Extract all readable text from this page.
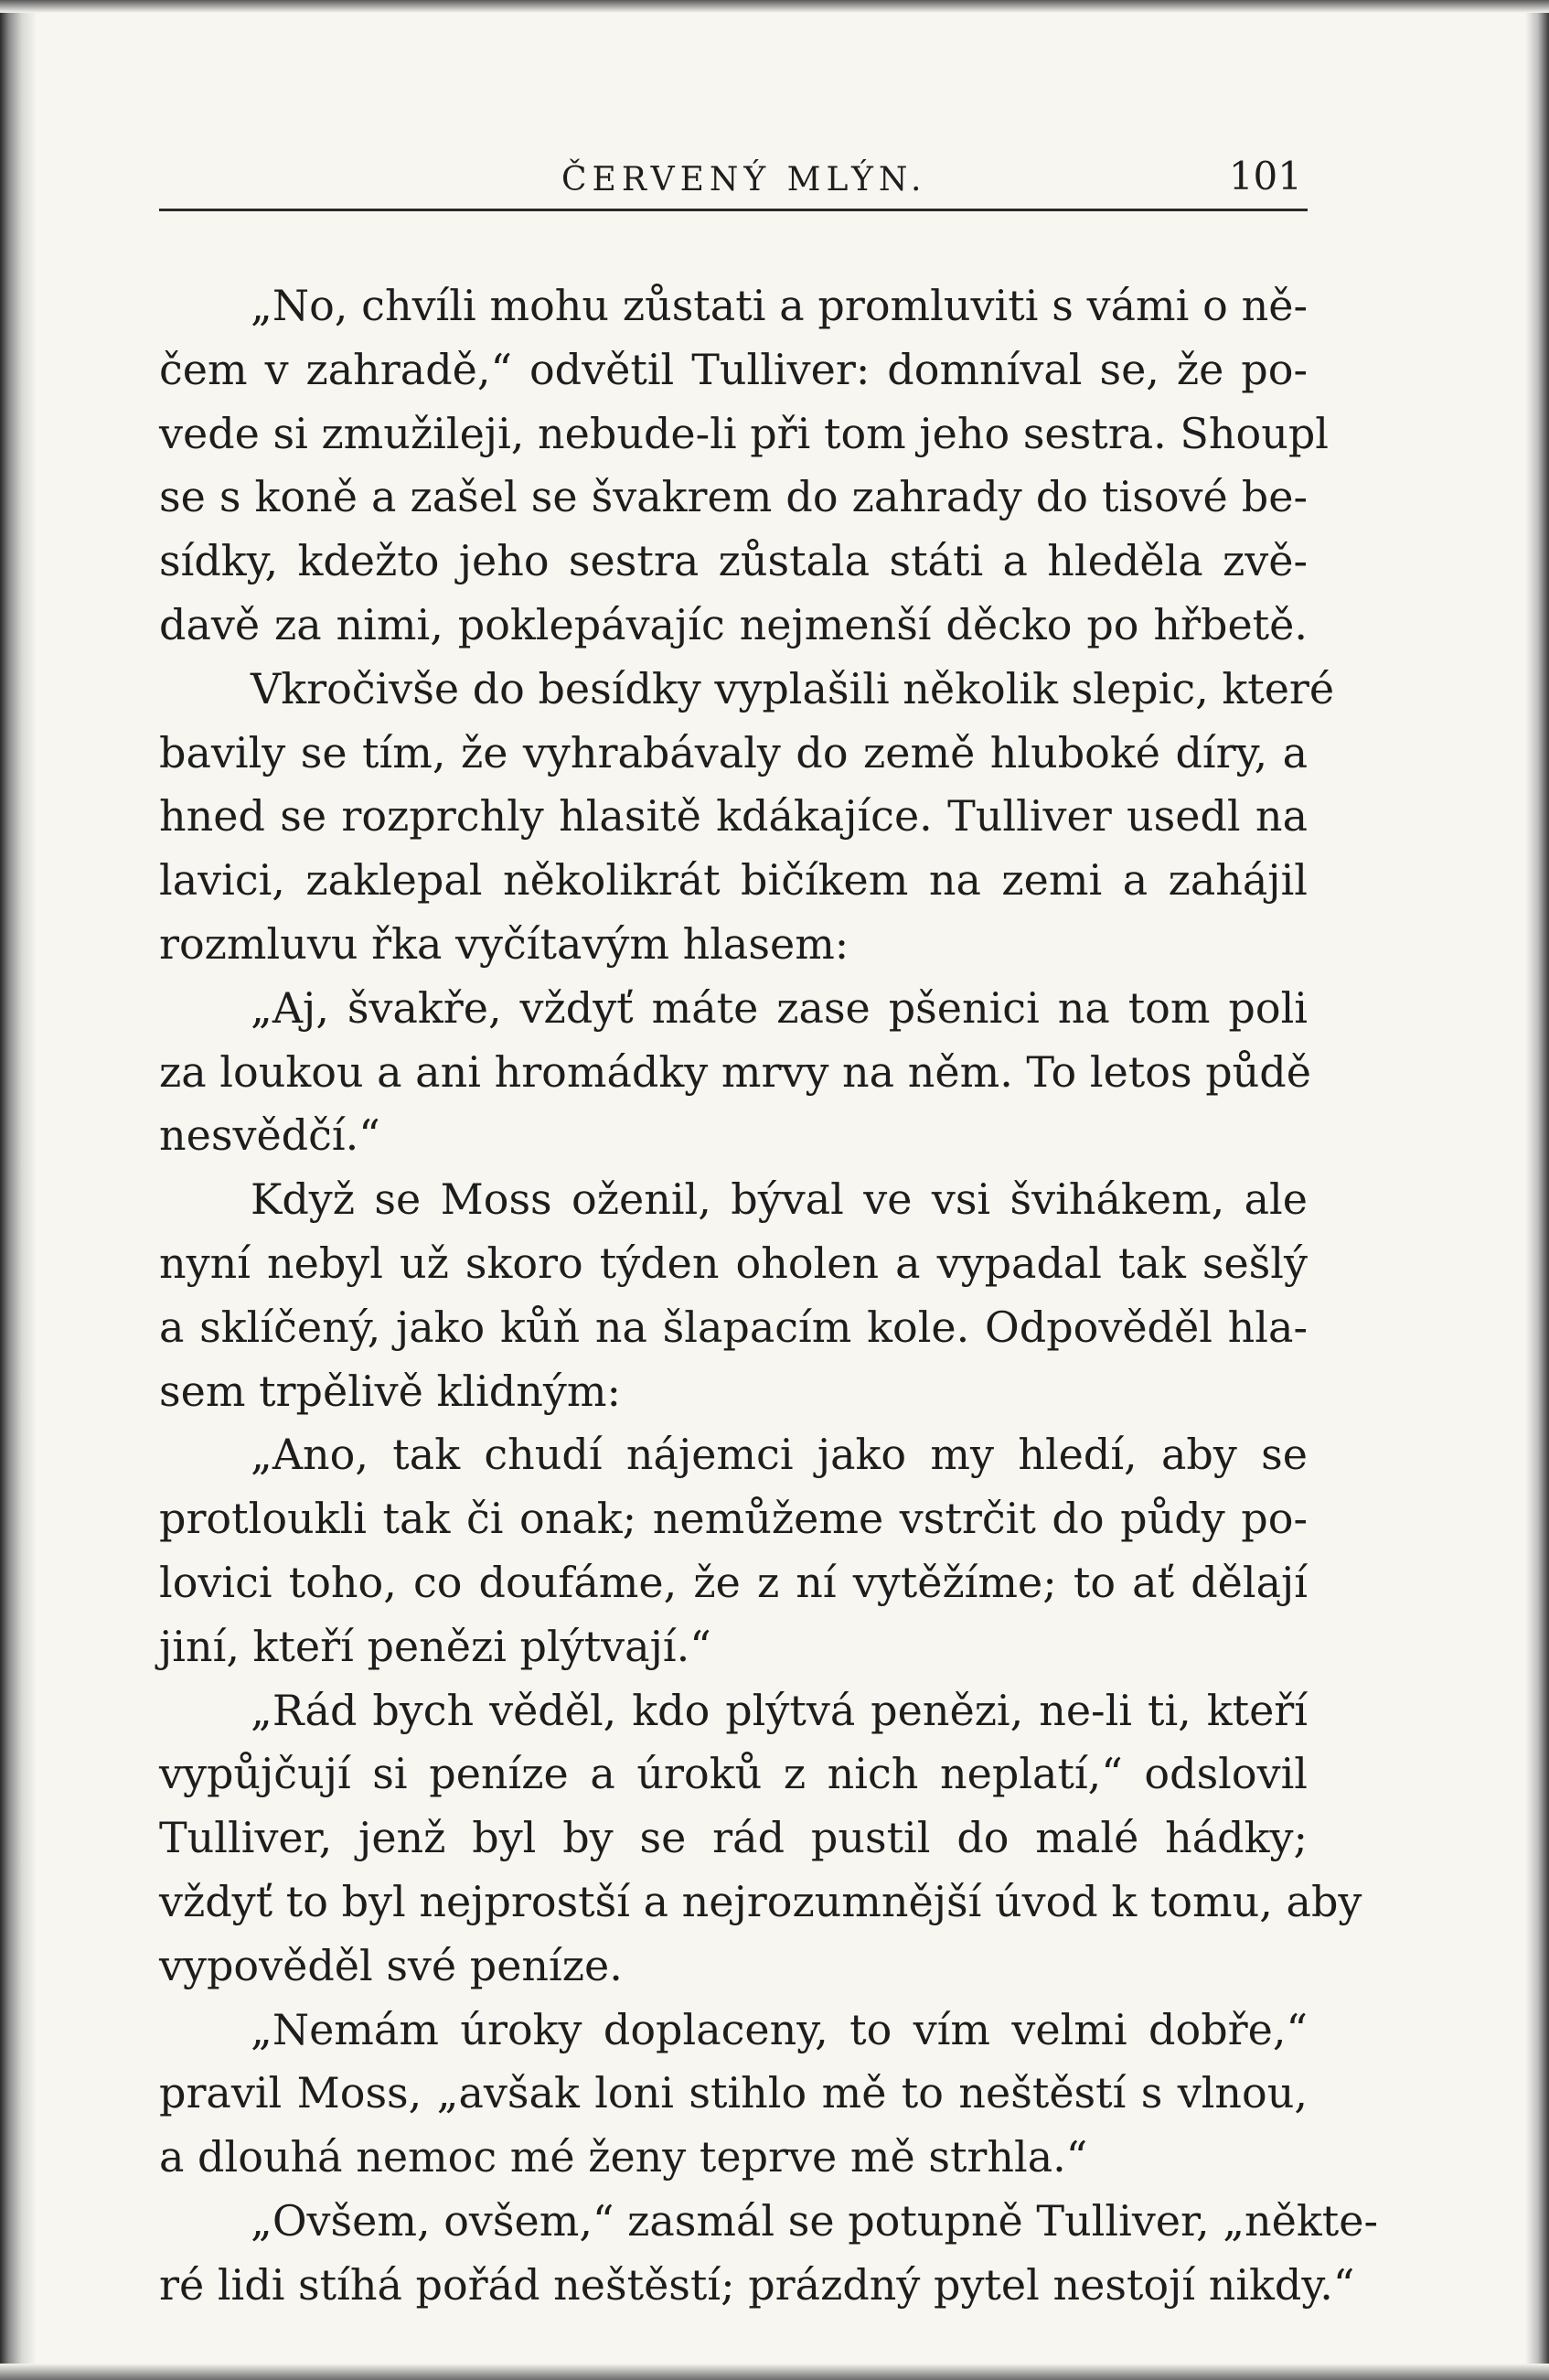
ČERVENÝ MLÝN.	101
„No, chvíli mohu zůstati a promluviti s vámi o ně-
čem v zahradě,“ odvětil Tulliver: domníval se, že po-
vede si zmužileji, nebude-li při tom jeho sestra. Shoupl
se s koně a zašel se švakrem do zahrady do tisové be-
sídky, kdežto jeho sestra zůstala státi a hleděla zvě-
davě za nimi, poklepávajíc nejmenší děcko po hřbetě.
Vkročivše do besídky vyplašili několik slepic, které
bavily se tím, že vyhrabávaly do země hluboké díry, a
hned se rozprchly hlasitě kdákajíce. Tulliver usedl na
lavici, zaklepal několikrát bičíkem na zemi a zahájil
rozmluvu řka vyčítavým hlasem:
„Aj, švakře, vždyť máte zase pšenici na tom poli
za loukou a ani hromádky mrvy na něm. To letos půdě
nesvědčí.“
Když se Moss oženil, býval ve vsi švihákem, ale
nyní nebyl už skoro týden oholen a vypadal tak sešlý
a sklíčený, jako kůň na šlapacím kole. Odpověděl hla-
sem trpělivě klidným:
„Ano, tak chudí nájemci jako my hledí, aby se
protloukli tak či onak; nemůžeme vstrčit do půdy po-
lovici toho, co doufáme, že z ní vytěžíme; to ať dělají
jiní, kteří penězi plýtvají.“
„Rád bych věděl, kdo plýtvá penězi, ne-li ti, kteří
vypůjčují si peníze a úroků z nich neplatí,“ odslovil
Tulliver, jenž byl by se rád pustil do malé hádky;
vždyť to byl nejprostší a nejrozumnější úvod k tomu, aby
vypověděl své peníze.
„Nemám úroky doplaceny, to vím velmi dobře,“
pravil Moss, „avšak loni stihlo mě to neštěstí s vlnou,
a dlouhá nemoc mé ženy teprve mě strhla.“
„Ovšem, ovšem,“ zasmál se potupně Tulliver, „někte-
ré lidi stíhá pořád neštěstí; prázdný pytel nestojí nikdy.“
